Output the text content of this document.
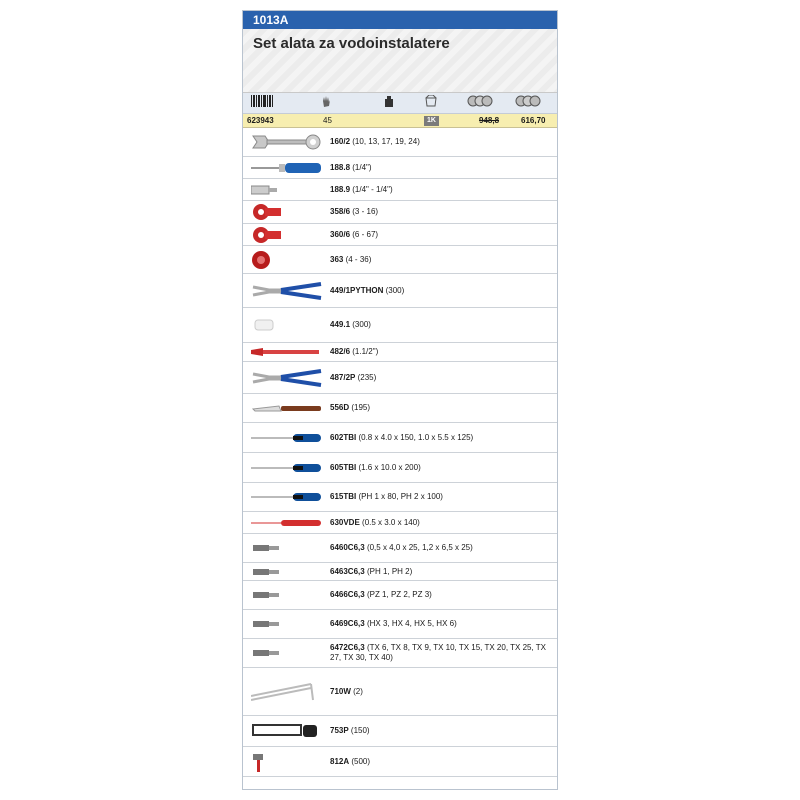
1013A
Set alata za vodoinstalatere
623943	45	1K	948,8	616,70
160/2 (10, 13, 17, 19, 24)
188.8 (1/4")
188.9 (1/4" - 1/4")
358/6 (3 - 16)
360/6 (6 - 67)
363 (4 - 36)
449/1PYTHON (300)
449.1 (300)
482/6 (1.1/2")
487/2P (235)
556D (195)
602TBI (0.8 x 4.0 x 150, 1.0 x 5.5 x 125)
605TBI (1.6 x 10.0 x 200)
615TBI (PH 1 x 80, PH 2 x 100)
630VDE (0.5 x 3.0 x 140)
6460C6,3 (0,5 x 4,0 x 25, 1,2 x 6,5 x 25)
6463C6,3 (PH 1, PH 2)
6466C6,3 (PZ 1, PZ 2, PZ 3)
6469C6,3 (HX 3, HX 4, HX 5, HX 6)
6472C6,3 (TX 6, TX 8, TX 9, TX 10, TX 15, TX 20, TX 25, TX 27, TX 30, TX 40)
710W (2)
753P (150)
812A (500)
